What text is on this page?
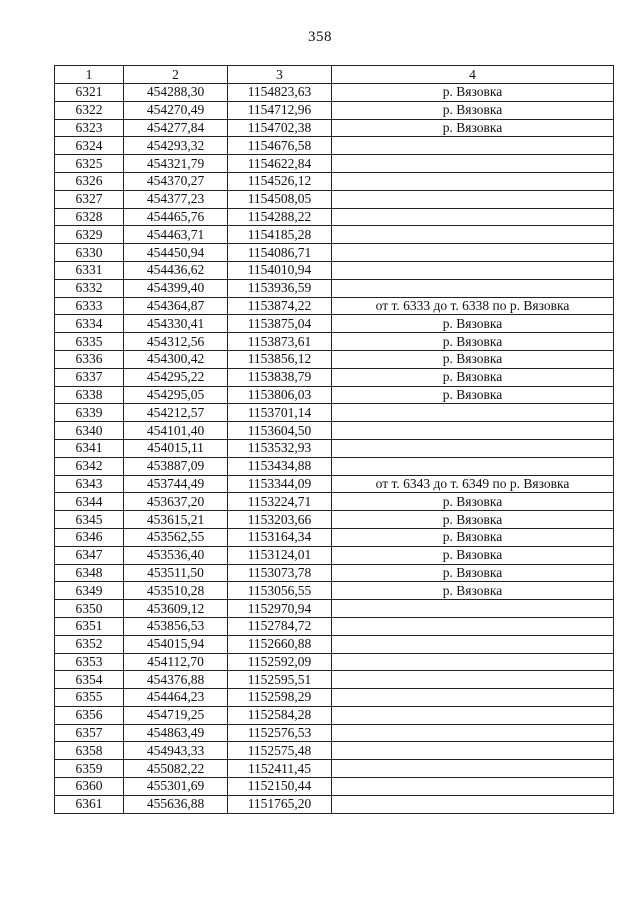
358
1	2	3	4
6321	454288,30	1154823,63	р. Вязовка
6322	454270,49	1154712,96	р. Вязовка
6323	454277,84	1154702,38	р. Вязовка
6324	454293,32	1154676,58	
6325	454321,79	1154622,84	
6326	454370,27	1154526,12	
6327	454377,23	1154508,05	
6328	454465,76	1154288,22	
6329	454463,71	1154185,28	
6330	454450,94	1154086,71	
6331	454436,62	1154010,94	
6332	454399,40	1153936,59	
6333	454364,87	1153874,22	от т. 6333 до т. 6338 по р. Вязовка
6334	454330,41	1153875,04	р. Вязовка
6335	454312,56	1153873,61	р. Вязовка
6336	454300,42	1153856,12	р. Вязовка
6337	454295,22	1153838,79	р. Вязовка
6338	454295,05	1153806,03	р. Вязовка
6339	454212,57	1153701,14	
6340	454101,40	1153604,50	
6341	454015,11	1153532,93	
6342	453887,09	1153434,88	
6343	453744,49	1153344,09	от т. 6343 до т. 6349 по р. Вязовка
6344	453637,20	1153224,71	р. Вязовка
6345	453615,21	1153203,66	р. Вязовка
6346	453562,55	1153164,34	р. Вязовка
6347	453536,40	1153124,01	р. Вязовка
6348	453511,50	1153073,78	р. Вязовка
6349	453510,28	1153056,55	р. Вязовка
6350	453609,12	1152970,94	
6351	453856,53	1152784,72	
6352	454015,94	1152660,88	
6353	454112,70	1152592,09	
6354	454376,88	1152595,51	
6355	454464,23	1152598,29	
6356	454719,25	1152584,28	
6357	454863,49	1152576,53	
6358	454943,33	1152575,48	
6359	455082,22	1152411,45	
6360	455301,69	1152150,44	
6361	455636,88	1151765,20	
